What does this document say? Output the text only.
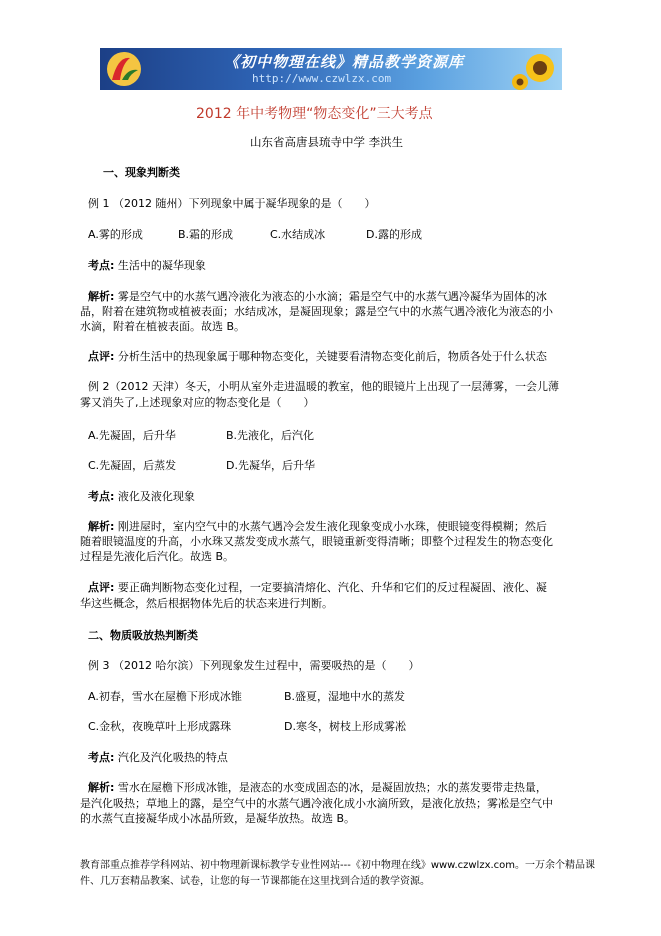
《初中物理在线》精品教学资源库
http://www.czwlzx.com
2012 年中考物理“物态变化”三大考点
山东省高唐县琉寺中学 李洪生
一、现象判断类
例 1 （2012 随州）下列现象中属于凝华现象的是（　　）
A.雾的形成	B.霜的形成	C.水结成冰	D.露的形成
考点: 生活中的凝华现象
解析: 雾是空气中的水蒸气遇冷液化为液态的小水滴；霜是空气中的水蒸气遇冷凝华为固体的冰
晶，附着在建筑物或植被表面；水结成冰，是凝固现象；露是空气中的水蒸气遇冷液化为液态的小
水滴，附着在植被表面。故选 B。
点评: 分析生活中的热现象属于哪种物态变化，关键要看清物态变化前后，物质各处于什么状态
例 2（2012 天津）冬天，小明从室外走进温暖的教室，他的眼镜片上出现了一层薄雾，一会儿薄
雾又消失了,上述现象对应的物态变化是（　　）
A.先凝固，后升华	B.先液化，后汽化
C.先凝固，后蒸发	D.先凝华，后升华
考点: 液化及液化现象
解析: 刚进屋时，室内空气中的水蒸气遇冷会发生液化现象变成小水珠，使眼镜变得模糊；然后
随着眼镜温度的升高，小水珠又蒸发变成水蒸气，眼镜重新变得清晰；即整个过程发生的物态变化
过程是先液化后汽化。故选 B。
点评: 要正确判断物态变化过程，一定要搞清熔化、汽化、升华和它们的反过程凝固、液化、凝
华这些概念，然后根据物体先后的状态来进行判断。
二、物质吸放热判断类
例 3 （2012 哈尔滨）下列现象发生过程中，需要吸热的是（　　）
A.初春，雪水在屋檐下形成冰锥	B.盛夏，湿地中水的蒸发
C.金秋，夜晚草叶上形成露珠	D.寒冬，树枝上形成雾凇
考点: 汽化及汽化吸热的特点
解析: 雪水在屋檐下形成冰锥，是液态的水变成固态的冰，是凝固放热；水的蒸发要带走热量，
是汽化吸热；草地上的露，是空气中的水蒸气遇冷液化成小水滴所致，是液化放热；雾凇是空气中
的水蒸气直接凝华成小冰晶所致，是凝华放热。故选 B。
教育部重点推荐学科网站、初中物理新课标教学专业性网站---《初中物理在线》www.czwlzx.com。一万余个精品课
件、几万套精品教案、试卷，让您的每一节课都能在这里找到合适的教学资源。
